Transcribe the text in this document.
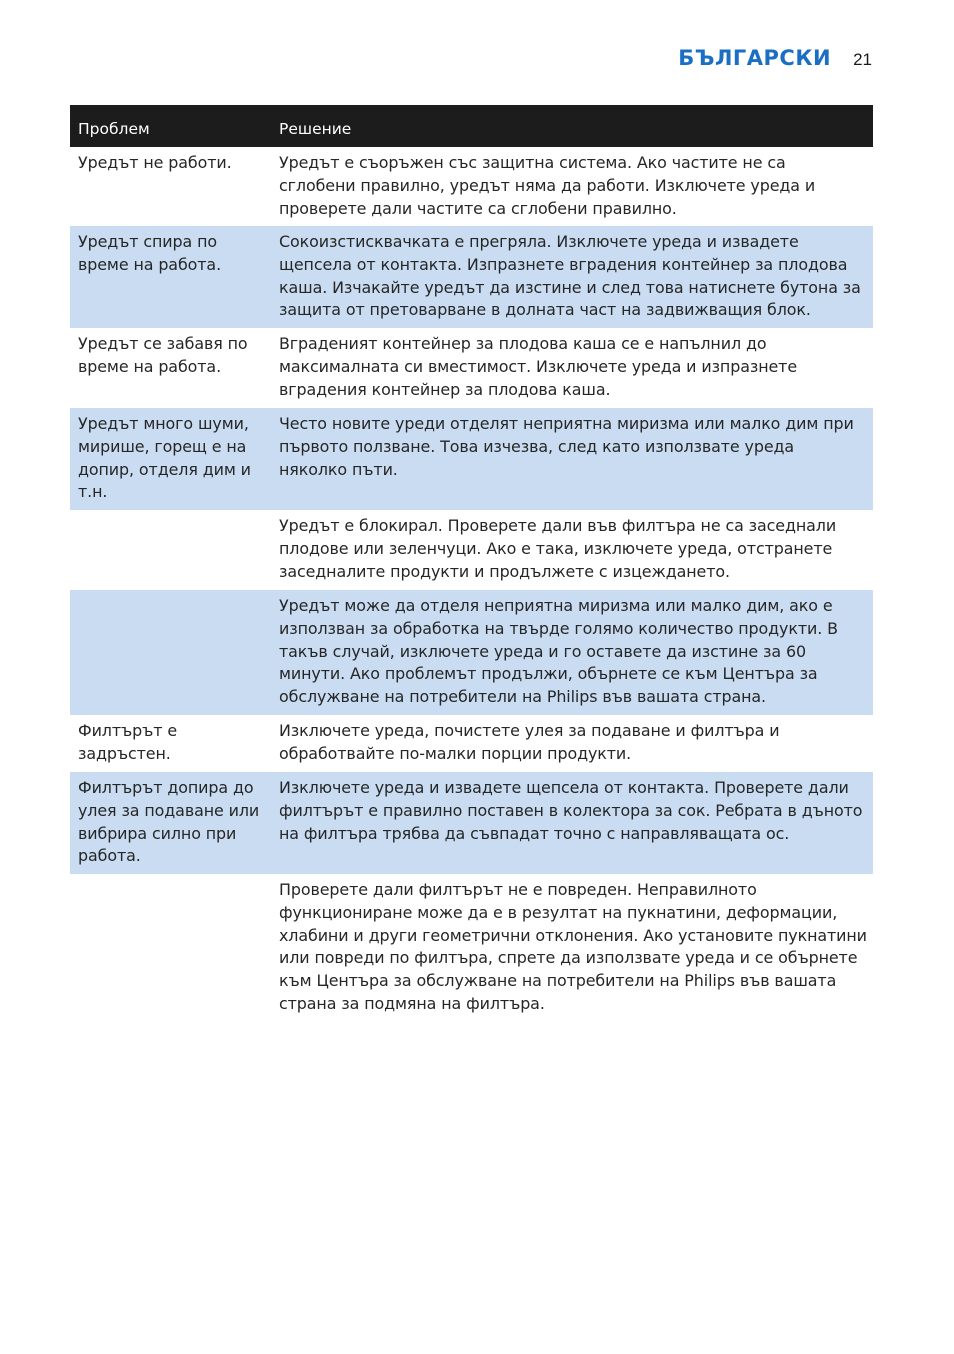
БЪЛГАРСКИ 21
Проблем	Решение
Уредът не работи.	Уредът е съоръжен със защитна система. Ако частите не са сглобени правилно, уредът няма да работи. Изключете уреда и проверете дали частите са сглобени правилно.
Уредът спира по време на работа.
Сокоизстисквачката е прегряла. Изключете уреда и извадете щепсела от контакта. Изпразнете вградения контейнер за плодова каша. Изчакайте уредът да изстине и след това натиснете бутона за защита от претоварване в долната част на задвижващия блок.
Уредът се забавя по време на работа.
Вграденият контейнер за плодова каша се е напълнил до максималната си вместимост. Изключете уреда и изпразнете вградения контейнер за плодова каша.
Уредът много шуми, мирише, горещ е на допир, отделя дим и т.н.
Често новите уреди отделят неприятна миризма или малко дим при първото ползване. Това изчезва, след като използвате уреда няколко пъти.
Уредът е блокирал. Проверете дали във филтъра не са заседнали плодове или зеленчуци. Ако е така, изключете уреда, отстранете заседналите продукти и продължете с изцеждането.
Уредът може да отделя неприятна миризма или малко дим, ако е използван за обработка на твърде голямо количество продукти. В такъв случай, изключете уреда и го оставете да изстине за 60 минути. Ако проблемът продължи, обърнете се към Центъра за обслужване на потребители на Philips във вашата страна.
Филтърът е задръстен.
Изключете уреда, почистете улея за подаване и филтъра и обработвайте по-малки порции продукти.
Филтърът допира до улея за подаване или вибрира силно при работа.
Изключете уреда и извадете щепсела от контакта. Проверете дали филтърът е правилно поставен в колектора за сок. Ребрата в дъното на филтъра трябва да съвпадат точно с направляващата ос.
Проверете дали филтърът не е повреден. Неправилното функциониране може да е в резултат на пукнатини, деформации, хлабини и други геометрични отклонения. Ако установите пукнатини или повреди по филтъра, спрете да използвате уреда и се обърнете към Центъра за обслужване на потребители на Philips във вашата страна за подмяна на филтъра.
